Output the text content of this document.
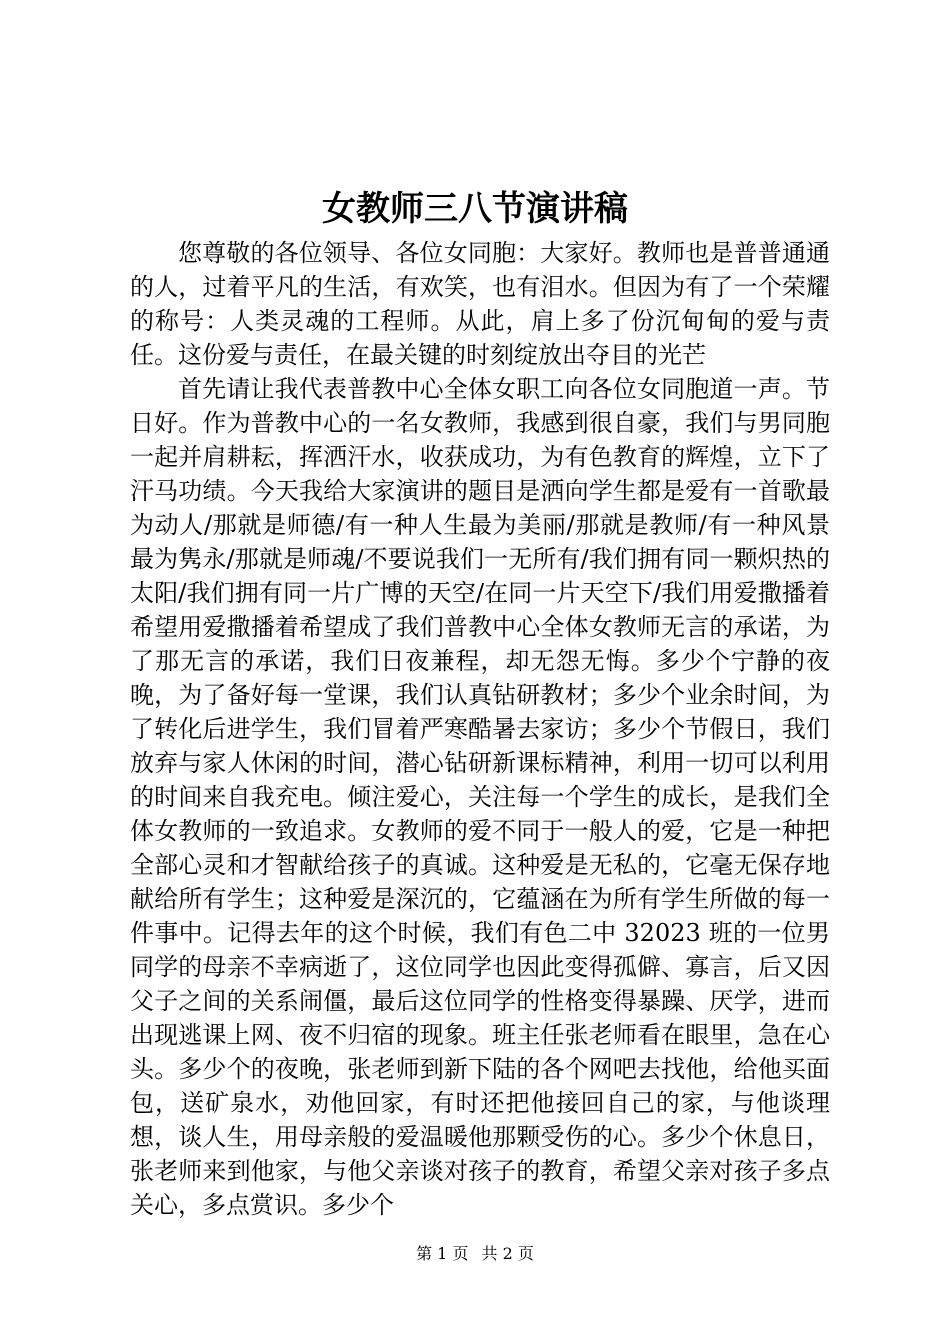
女教师三八节演讲稿

您尊敬的各位领导、各位女同胞：大家好。教师也是普普通通的人，过着平凡的生活，有欢笑，也有泪水。但因为有了一个荣耀的称号：人类灵魂的工程师。从此，肩上多了份沉甸甸的爱与责任。这份爱与责任，在最关键的时刻绽放出夺目的光芒

首先请让我代表普教中心全体女职工向各位女同胞道一声。节日好。作为普教中心的一名女教师，我感到很自豪，我们与男同胞一起并肩耕耘，挥洒汗水，收获成功，为有色教育的辉煌，立下了汗马功绩。今天我给大家演讲的题目是洒向学生都是爱有一首歌最为动人/那就是师德/有一种人生最为美丽/那就是教师/有一种风景最为隽永/那就是师魂/不要说我们一无所有/我们拥有同一颗炽热的太阳/我们拥有同一片广博的天空/在同一片天空下/我们用爱撒播着希望用爱撒播着希望成了我们普教中心全体女教师无言的承诺，为了那无言的承诺，我们日夜兼程，却无怨无悔。多少个宁静的夜晚，为了备好每一堂课，我们认真钻研教材；多少个业余时间，为了转化后进学生，我们冒着严寒酷暑去家访；多少个节假日，我们放弃与家人休闲的时间，潜心钻研新课标精神，利用一切可以利用的时间来自我充电。倾注爱心，关注每一个学生的成长，是我们全体女教师的一致追求。女教师的爱不同于一般人的爱，它是一种把全部心灵和才智献给孩子的真诚。这种爱是无私的，它毫无保存地献给所有学生；这种爱是深沉的，它蕴涵在为所有学生所做的每一件事中。记得去年的这个时候，我们有色二中 32023 班的一位男同学的母亲不幸病逝了，这位同学也因此变得孤僻、寡言，后又因父子之间的关系闹僵，最后这位同学的性格变得暴躁、厌学，进而出现逃课上网、夜不归宿的现象。班主任张老师看在眼里，急在心头。多少个的夜晚，张老师到新下陆的各个网吧去找他，给他买面包，送矿泉水，劝他回家，有时还把他接回自己的家，与他谈理想，谈人生，用母亲般的爱温暖他那颗受伤的心。多少个休息日，张老师来到他家，与他父亲谈对孩子的教育，希望父亲对孩子多点关心，多点赏识。多少个

第 1 页 共 2 页
